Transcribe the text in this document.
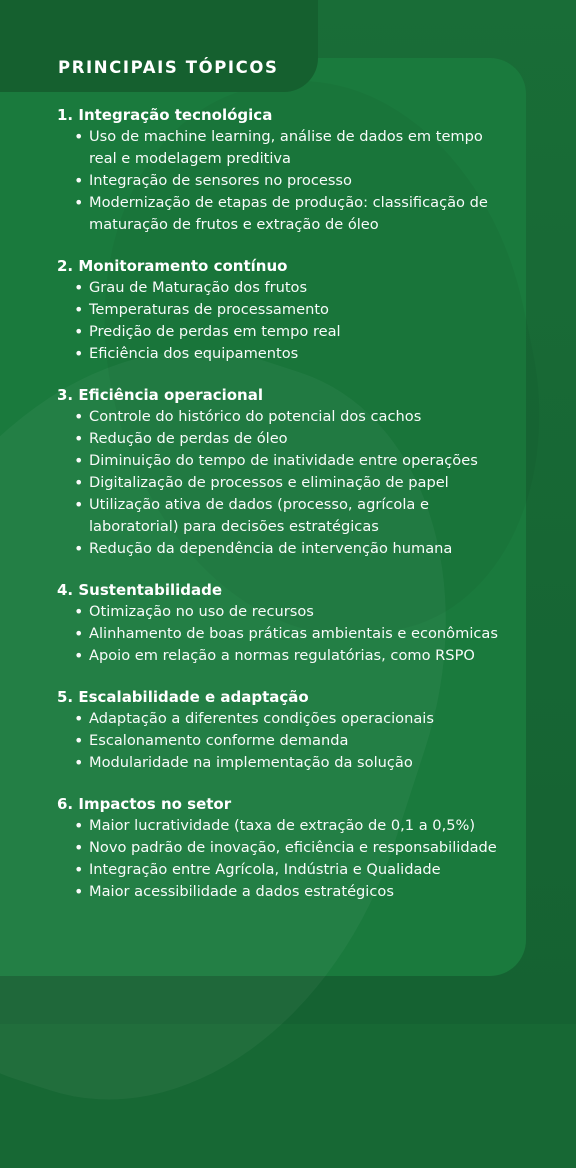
PRINCIPAIS TÓPICOS
1. Integração tecnológica
• Uso de machine learning, análise de dados em tempo real e modelagem preditiva
• Integração de sensores no processo
• Modernização de etapas de produção: classificação de maturação de frutos e extração de óleo
2. Monitoramento contínuo
• Grau de Maturação dos frutos
• Temperaturas de processamento
• Predição de perdas em tempo real
• Eficiência dos equipamentos
3. Eficiência operacional
• Controle do histórico do potencial dos cachos
• Redução de perdas de óleo
• Diminuição do tempo de inatividade entre operações
• Digitalização de processos e eliminação de papel
• Utilização ativa de dados (processo, agrícola e laboratorial) para decisões estratégicas
• Redução da dependência de intervenção humana
4. Sustentabilidade
• Otimização no uso de recursos
• Alinhamento de boas práticas ambientais e econômicas
• Apoio em relação a normas regulatórias, como RSPO
5. Escalabilidade e adaptação
• Adaptação a diferentes condições operacionais
• Escalonamento conforme demanda
• Modularidade na implementação da solução
6. Impactos no setor
• Maior lucratividade (taxa de extração de 0,1 a 0,5%)
• Novo padrão de inovação, eficiência e responsabilidade
• Integração entre Agrícola, Indústria e Qualidade
• Maior acessibilidade a dados estratégicos
